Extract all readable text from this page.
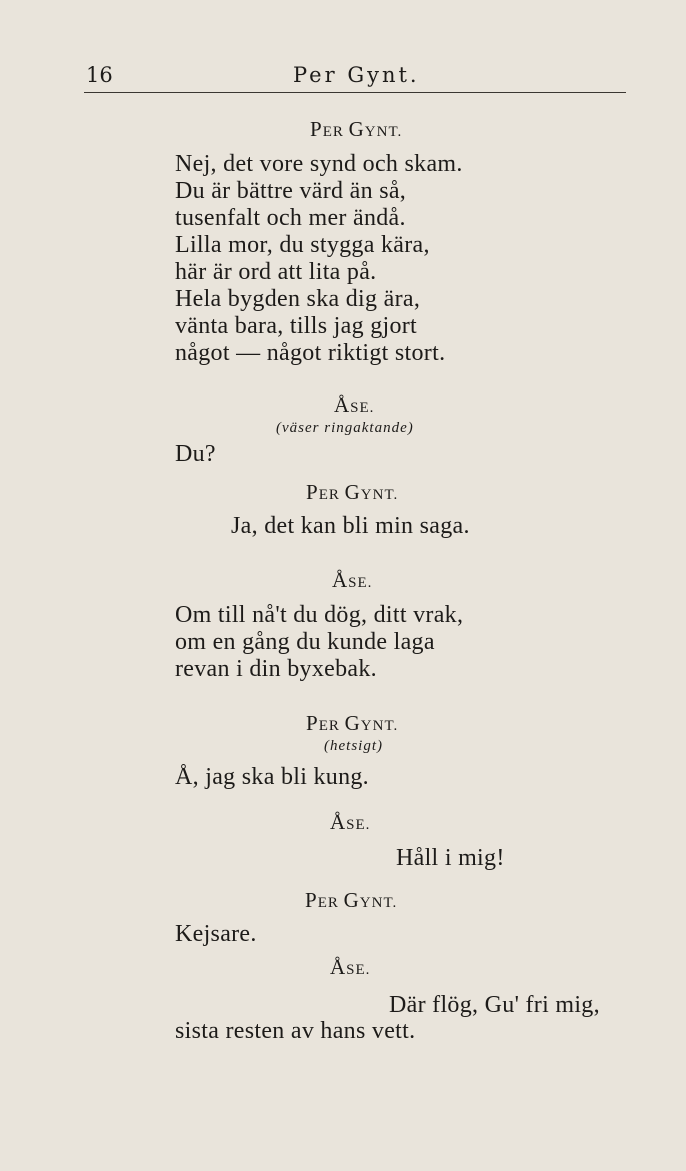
16	Per Gynt.
PER GYNT.
Nej, det vore synd och skam.
Du är bättre värd än så,
tusenfalt och mer ändå.
Lilla mor, du stygga kära,
här är ord att lita på.
Hela bygden ska dig ära,
vänta bara, tills jag gjort
något — något riktigt stort.
ÅSE.
(väser ringaktande)
Du?
PER GYNT.
Ja, det kan bli min saga.
ÅSE.
Om till nå't du dög, ditt vrak,
om en gång du kunde laga
revan i din byxebak.
PER GYNT.
(hetsigt)
Å, jag ska bli kung.
ÅSE.
Håll i mig!
PER GYNT.
Kejsare.
ÅSE.
Där flög, Gu' fri mig,
sista resten av hans vett.
